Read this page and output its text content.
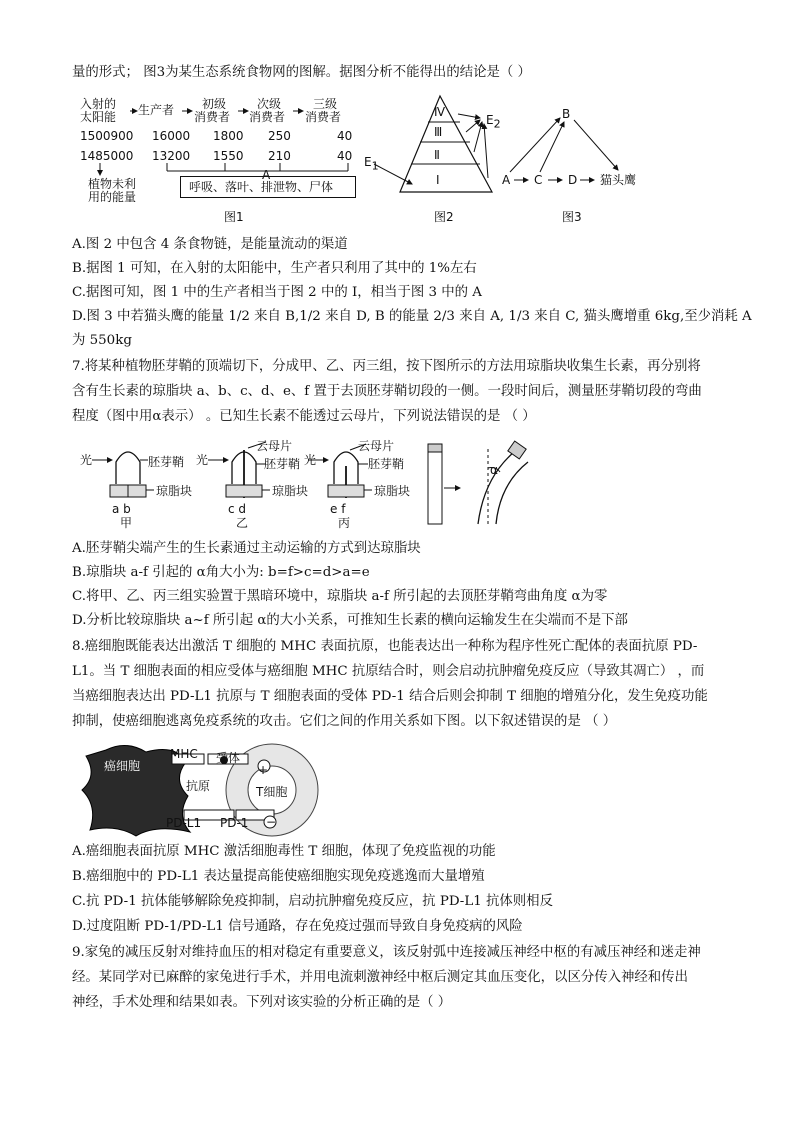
量的形式； 图3为某生态系统食物网的图解。据图分析不能得出的结论是（ ）
入射的
太阳能 生产者 初级
消费者
次级
消费者
三级
消费者
1500900 16000 1800 250	40
1485000 13200 1550 210	40
植物未利
用的能量
A
呼吸、落叶、排泄物、尸体
图1
Ⅳ
Ⅲ
Ⅱ
Ⅰ
$E_1$
$E_2$
图2
B
A C D 猫头鹰
图3
A.图 2 中包含 4 条食物链，是能量流动的渠道
B.据图 1 可知，在入射的太阳能中，生产者只利用了其中的 1%左右
C.据图可知，图 1 中的生产者相当于图 2 中的 I，相当于图 3 中的 A
D.图 3 中若猫头鹰的能量 1/2 来自 B,1/2 来自 D, B 的能量 2/3 来自 A, 1/3 来自 C, 猫头鹰增重 6kg,至少消耗 A
为 550kg
7.将某种植物胚芽鞘的顶端切下，分成甲、乙、丙三组，按下图所示的方法用琼脂块收集生长素，再分别将
含有生长素的琼脂块 a、b、c、d、e、f 置于去顶胚芽鞘切段的一侧。一段时间后，测量胚芽鞘切段的弯曲
程度（图中用α表示） 。已知生长素不能透过云母片，下列说法错误的是 （ ）
光	胚芽鞘
琼脂块
a b
甲
光
云母片
胚芽鞘
琼脂块
c d
乙
光
云母片
胚芽鞘
琼脂块
e f
丙
α
A.胚芽鞘尖端产生的生长素通过主动运输的方式到达琼脂块
B.琼脂块 a-f 引起的 α角大小为: b=f>c=d>a=e
C.将甲、乙、丙三组实验置于黑暗环境中，琼脂块 a-f 所引起的去顶胚芽鞘弯曲角度 α为零
D.分析比较琼脂块 a~f 所引起 α的大小关系，可推知生长素的横向运输发生在尖端而不是下部
8.癌细胞既能表达出激活 T 细胞的 MHC 表面抗原，也能表达出一种称为程序性死亡配体的表面抗原 PD-
L1。当 T 细胞表面的相应受体与癌细胞 MHC 抗原结合时，则会启动抗肿瘤免疫反应（导致其凋亡） ，而
当癌细胞表达出 PD-L1 抗原与 T 细胞表面的受体 PD-1 结合后则会抑制 T 细胞的增殖分化，发生免疫功能
抑制，使癌细胞逃离免疫系统的攻击。它们之间的作用关系如下图。以下叙述错误的是 （ ）
癌细胞
MHC 受体
抗原
+
T细胞
PD-L1 PD-1 −
A.癌细胞表面抗原 MHC 激活细胞毒性 T 细胞，体现了免疫监视的功能
B.癌细胞中的 PD-L1 表达量提高能使癌细胞实现免疫逃逸而大量增殖
C.抗 PD-1 抗体能够解除免疫抑制，启动抗肿瘤免疫反应，抗 PD-L1 抗体则相反
D.过度阻断 PD-1/PD-L1 信号通路，存在免疫过强而导致自身免疫病的风险
9.家兔的减压反射对维持血压的相对稳定有重要意义，该反射弧中连接减压神经中枢的有减压神经和迷走神
经。某同学对已麻醉的家兔进行手术，并用电流刺激神经中枢后测定其血压变化，以区分传入神经和传出
神经，手术处理和结果如表。下列对该实验的分析正确的是（ ）
